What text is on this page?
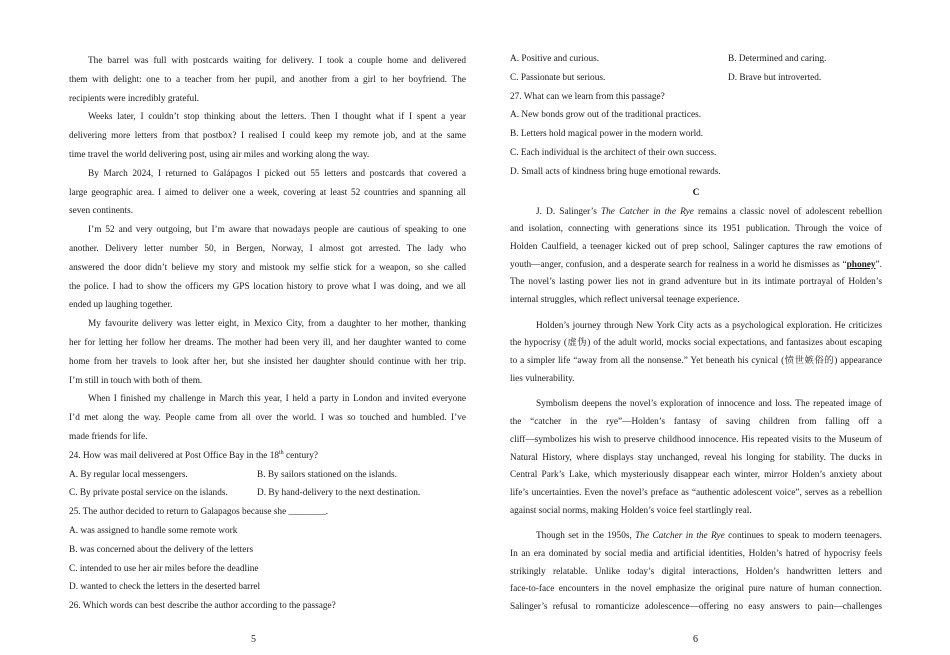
The barrel was full with postcards waiting for delivery. I took a couple home and delivered
them with delight: one to a teacher from her pupil, and another from a girl to her boyfriend. The
recipients were incredibly grateful.
Weeks later, I couldn’t stop thinking about the letters. Then I thought what if I spent a year
delivering more letters from that postbox? I realised I could keep my remote job, and at the same
time travel the world delivering post, using air miles and working along the way.
By March 2024, I returned to Galápagos I picked out 55 letters and postcards that covered a
large geographic area. I aimed to deliver one a week, covering at least 52 countries and spanning all
seven continents.
I’m 52 and very outgoing, but I’m aware that nowadays people are cautious of speaking to one
another. Delivery letter number 50, in Bergen, Norway, I almost got arrested. The lady who
answered the door didn’t believe my story and mistook my selfie stick for a weapon, so she called
the police. I had to show the officers my GPS location history to prove what I was doing, and we all
ended up laughing together.
My favourite delivery was letter eight, in Mexico City, from a daughter to her mother, thanking
her for letting her follow her dreams. The mother had been very ill, and her daughter wanted to come
home from her travels to look after her, but she insisted her daughter should continue with her trip.
I’m still in touch with both of them.
When I finished my challenge in March this year, I held a party in London and invited everyone
I’d met along the way. People came from all over the world. I was so touched and humbled. I’ve
made friends for life.
24. How was mail delivered at Post Office Bay in the 18th century?
A. By regular local messengers.	B. By sailors stationed on the islands.
C. By private postal service on the islands.	D. By hand-delivery to the next destination.
25. The author decided to return to Galapagos because she ________.
A. was assigned to handle some remote work
B. was concerned about the delivery of the letters
C. intended to use her air miles before the deadline
D. wanted to check the letters in the deserted barrel
26. Which words can best describe the author according to the passage?
5
A. Positive and curious.	B. Determined and caring.
C. Passionate but serious.	D. Brave but introverted.
27. What can we learn from this passage?
A. New bonds grow out of the traditional practices.
B. Letters hold magical power in the modern world.
C. Each individual is the architect of their own success.
D. Small acts of kindness bring huge emotional rewards.
C
J. D. Salinger’s The Catcher in the Rye remains a classic novel of adolescent rebellion
and isolation, connecting with generations since its 1951 publication. Through the voice of
Holden Caulfield, a teenager kicked out of prep school, Salinger captures the raw emotions of
youth—anger, confusion, and a desperate search for realness in a world he dismisses as “phoney”.
The novel’s lasting power lies not in grand adventure but in its intimate portrayal of Holden’s
internal struggles, which reflect universal teenage experience.
Holden’s journey through New York City acts as a psychological exploration. He criticizes
the hypocrisy (虚伪) of the adult world, mocks social expectations, and fantasizes about escaping
to a simpler life “away from all the nonsense.” Yet beneath his cynical (愤世嫉俗的) appearance
lies vulnerability.
Symbolism deepens the novel’s exploration of innocence and loss. The repeated image of
the “catcher in the rye”—Holden’s fantasy of saving children from falling off a
cliff—symbolizes his wish to preserve childhood innocence. His repeated visits to the Museum of
Natural History, where displays stay unchanged, reveal his longing for stability. The ducks in
Central Park’s Lake, which mysteriously disappear each winter, mirror Holden’s anxiety about
life’s uncertainties. Even the novel’s preface as “authentic adolescent voice”, serves as a rebellion
against social norms, making Holden’s voice feel startlingly real.
Though set in the 1950s, The Catcher in the Rye continues to speak to modern teenagers.
In an era dominated by social media and artificial identities, Holden’s hatred of hypocrisy feels
strikingly relatable. Unlike today’s digital interactions, Holden’s handwritten letters and
face-to-face encounters in the novel emphasize the original pure nature of human connection.
Salinger’s refusal to romanticize adolescence—offering no easy answers to pain—challenges
6
